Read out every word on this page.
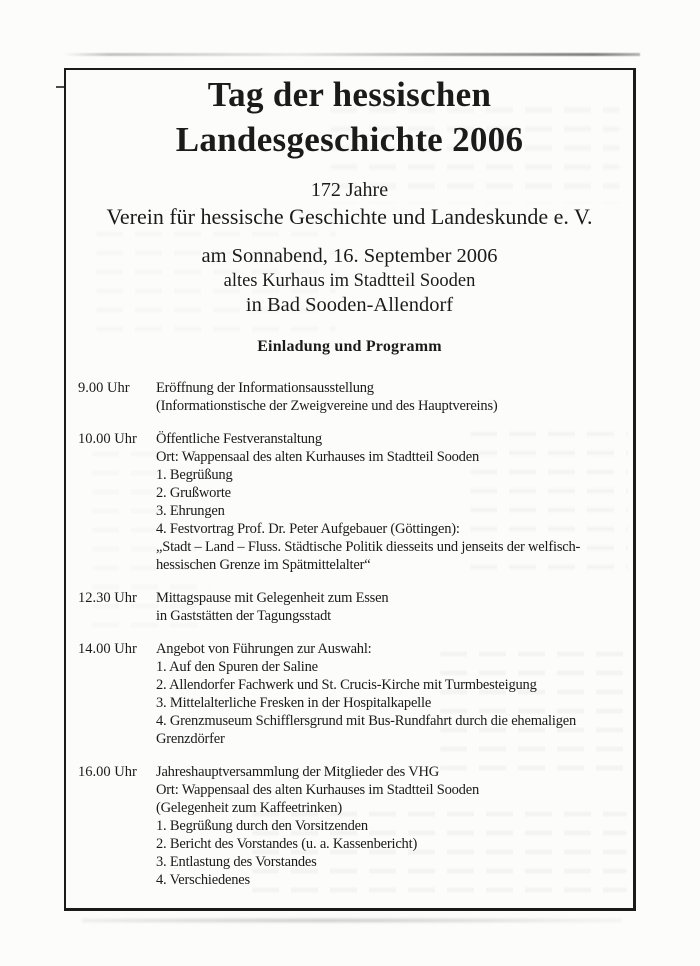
Tag der hessischen
Landesgeschichte 2006
172 Jahre
Verein für hessische Geschichte und Landeskunde e. V.
am Sonnabend, 16. September 2006
altes Kurhaus im Stadtteil Sooden
in Bad Sooden-Allendorf
Einladung und Programm
9.00 Uhr	Eröffnung der Informationsausstellung
(Informationstische der Zweigvereine und des Hauptvereins)
10.00 Uhr	Öffentliche Festveranstaltung
Ort: Wappensaal des alten Kurhauses im Stadtteil Sooden
1. Begrüßung
2. Grußworte
3. Ehrungen
4. Festvortrag Prof. Dr. Peter Aufgebauer (Göttingen):
„Stadt – Land – Fluss. Städtische Politik diesseits und jenseits der welfisch-
hessischen Grenze im Spätmittelalter“
12.30 Uhr	Mittagspause mit Gelegenheit zum Essen
in Gaststätten der Tagungsstadt
14.00 Uhr	Angebot von Führungen zur Auswahl:
1. Auf den Spuren der Saline
2. Allendorfer Fachwerk und St. Crucis-Kirche mit Turmbesteigung
3. Mittelalterliche Fresken in der Hospitalkapelle
4. Grenzmuseum Schifflersgrund mit Bus-Rundfahrt durch die ehemaligen
Grenzdörfer
16.00 Uhr	Jahreshauptversammlung der Mitglieder des VHG
Ort: Wappensaal des alten Kurhauses im Stadtteil Sooden
(Gelegenheit zum Kaffeetrinken)
1. Begrüßung durch den Vorsitzenden
2. Bericht des Vorstandes (u. a. Kassenbericht)
3. Entlastung des Vorstandes
4. Verschiedenes
